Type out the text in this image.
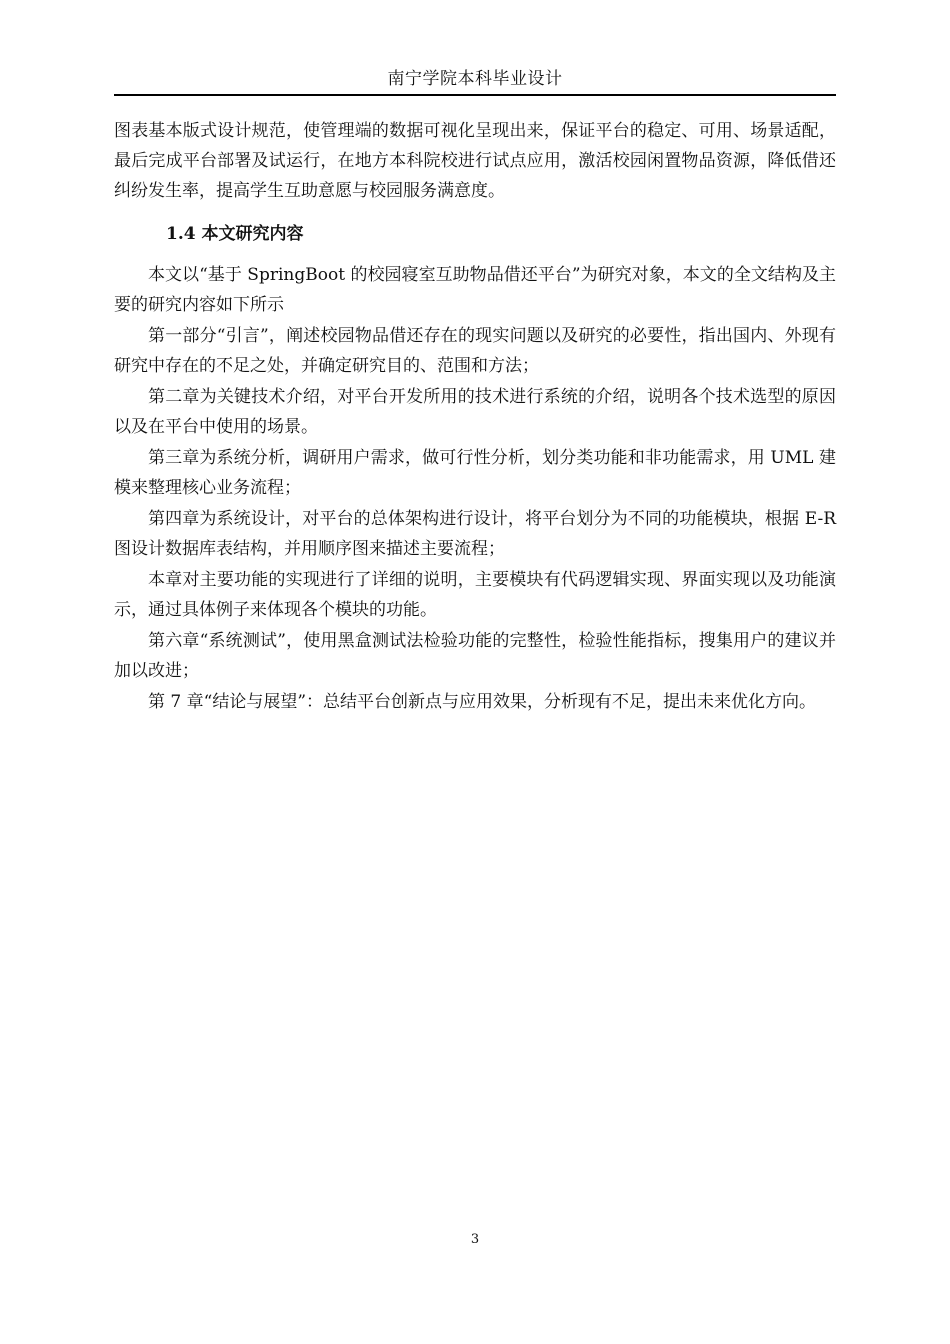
南宁学院本科毕业设计

图表基本版式设计规范，使管理端的数据可视化呈现出来，保证平台的稳定、可用、场景适配，最后完成平台部署及试运行，在地方本科院校进行试点应用，激活校园闲置物品资源，降低借还纠纷发生率，提高学生互助意愿与校园服务满意度。

1.4 本文研究内容

本文以“基于 SpringBoot 的校园寝室互助物品借还平台”为研究对象，本文的全文结构及主要的研究内容如下所示

第一部分“引言”，阐述校园物品借还存在的现实问题以及研究的必要性，指出国内、外现有研究中存在的不足之处，并确定研究目的、范围和方法；

第二章为关键技术介绍，对平台开发所用的技术进行系统的介绍，说明各个技术选型的原因以及在平台中使用的场景。

第三章为系统分析，调研用户需求，做可行性分析，划分类功能和非功能需求，用 UML 建模来整理核心业务流程；

第四章为系统设计，对平台的总体架构进行设计，将平台划分为不同的功能模块，根据 E-R 图设计数据库表结构，并用顺序图来描述主要流程；

本章对主要功能的实现进行了详细的说明，主要模块有代码逻辑实现、界面实现以及功能演示，通过具体例子来体现各个模块的功能。

第六章“系统测试”，使用黑盒测试法检验功能的完整性，检验性能指标，搜集用户的建议并加以改进；

第 7 章“结论与展望”：总结平台创新点与应用效果，分析现有不足，提出未来优化方向。

3
